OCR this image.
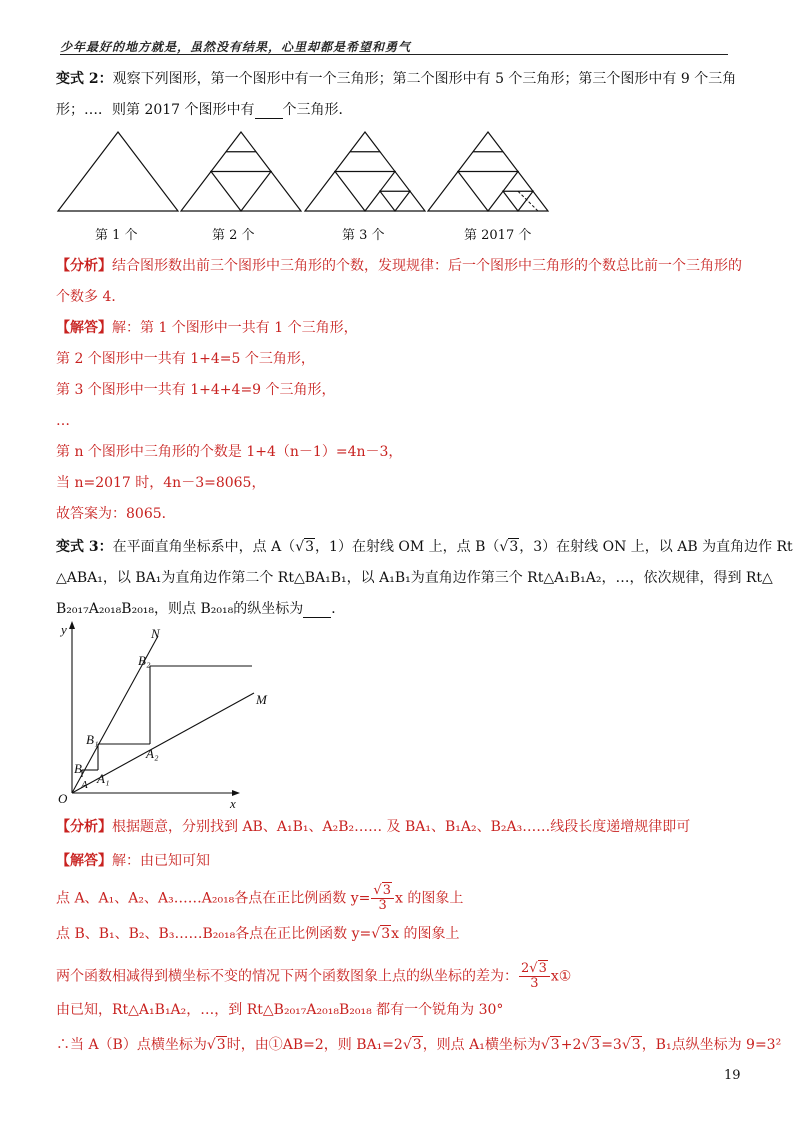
少年最好的地方就是，虽然没有结果，心里却都是希望和勇气
变式 2：观察下列图形，第一个图形中有一个三角形；第二个图形中有 5 个三角形；第三个图形中有 9 个三角
形；…．则第 2017 个图形中有 个三角形．
第 1 个	第 2 个	第 3 个	第 2017 个
【分析】结合图形数出前三个图形中三角形的个数，发现规律：后一个图形中三角形的个数总比前一个三角形的
个数多 4．
【解答】解：第 1 个图形中一共有 1 个三角形，
第 2 个图形中一共有 1+4=5 个三角形，
第 3 个图形中一共有 1+4+4=9 个三角形，
…
第 n 个图形中三角形的个数是 1+4（n－1）=4n－3，
当 n=2017 时，4n－3=8065，
故答案为：8065．
变式 3：在平面直角坐标系中，点 A（√3，1）在射线 OM 上，点 B（√3，3）在射线 ON 上，以 AB 为直角边作 Rt
△ABA₁，以 BA₁为直角边作第二个 Rt△BA₁B₁，以 A₁B₁为直角边作第三个 Rt△A₁B₁A₂，…，依次规律，得到 Rt△
B₂₀₁₇A₂₀₁₈B₂₀₁₈，则点 B₂₀₁₈的纵坐标为 ．
y
x
O
N
M
B
A
B₁
A₁
A₂
B₂
【分析】根据题意，分别找到 AB、A₁B₁、A₂B₂…… 及 BA₁、B₁A₂、B₂A₃……线段长度递增规律即可
【解答】解：由已知可知
点 A、A₁、A₂、A₃……A₂₀₁₈各点在正比例函数 $y= \frac{√3}{3}$ x 的图象上
点 B、B₁、B₂、B₃……B₂₀₁₈各点在正比例函数 y=√3x 的图象上
两个函数相减得到横坐标不变的情况下两个函数图象上点的纵坐标的差为： $\frac{2√3}{3}$ x①
由已知，Rt△A₁B₁A₂，…，到 Rt△B₂₀₁₇A₂₀₁₈B₂₀₁₈ 都有一个锐角为 30°
∴当 A（B）点横坐标为√3时，由①AB=2，则 BA₁=2√3，则点 A₁横坐标为√3+2√3=3√3，B₁点纵坐标为 9=3²
19
